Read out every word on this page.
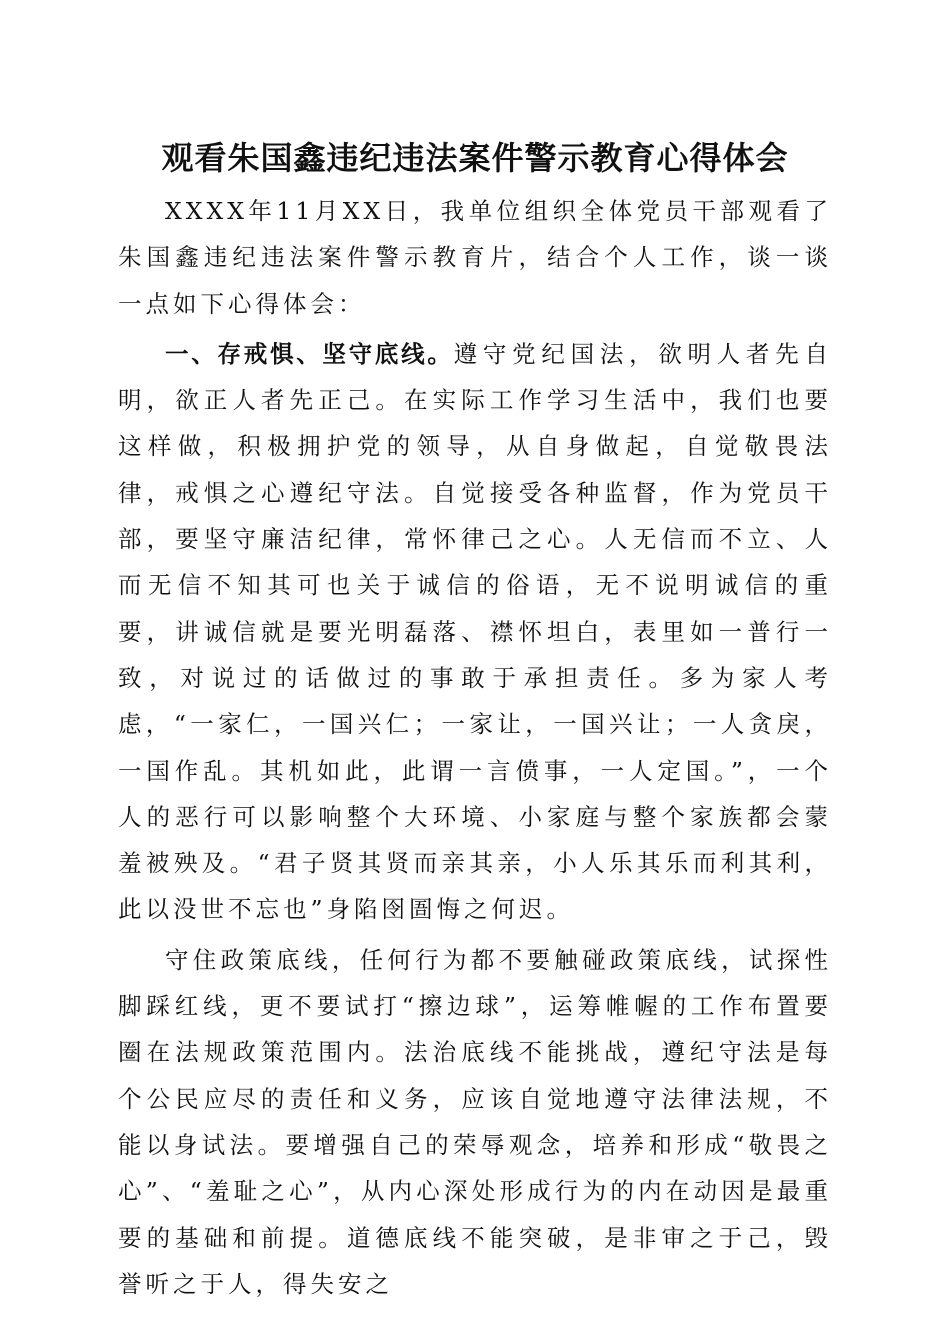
观看朱国鑫违纪违法案件警示教育心得体会

XXXX年11月XX日，我单位组织全体党员干部观看了朱国鑫违纪违法案件警示教育片，结合个人工作，谈一谈一点如下心得体会：

一、存戒惧、坚守底线。遵守党纪国法，欲明人者先自明，欲正人者先正己。在实际工作学习生活中，我们也要这样做，积极拥护党的领导，从自身做起，自觉敬畏法律，戒惧之心遵纪守法。自觉接受各种监督，作为党员干部，要坚守廉洁纪律，常怀律己之心。人无信而不立、人而无信不知其可也关于诚信的俗语，无不说明诚信的重要，讲诚信就是要光明磊落、襟怀坦白，表里如一普行一致，对说过的话做过的事敢于承担责任。多为家人考虑，“一家仁，一国兴仁；一家让，一国兴让；一人贪戾，一国作乱。其机如此，此谓一言偾事，一人定国。”，一个人的恶行可以影响整个大环境、小家庭与整个家族都会蒙羞被殃及。“君子贤其贤而亲其亲，小人乐其乐而利其利，此以没世不忘也”身陷囹圄悔之何迟。

守住政策底线，任何行为都不要触碰政策底线，试探性脚踩红线，更不要试打“擦边球”，运筹帷幄的工作布置要圈在法规政策范围内。法治底线不能挑战，遵纪守法是每个公民应尽的责任和义务，应该自觉地遵守法律法规，不能以身试法。要增强自己的荣辱观念，培养和形成“敬畏之心”、“羞耻之心”，从内心深处形成行为的内在动因是最重要的基础和前提。道德底线不能突破，是非审之于己，毁誉听之于人，得失安之
